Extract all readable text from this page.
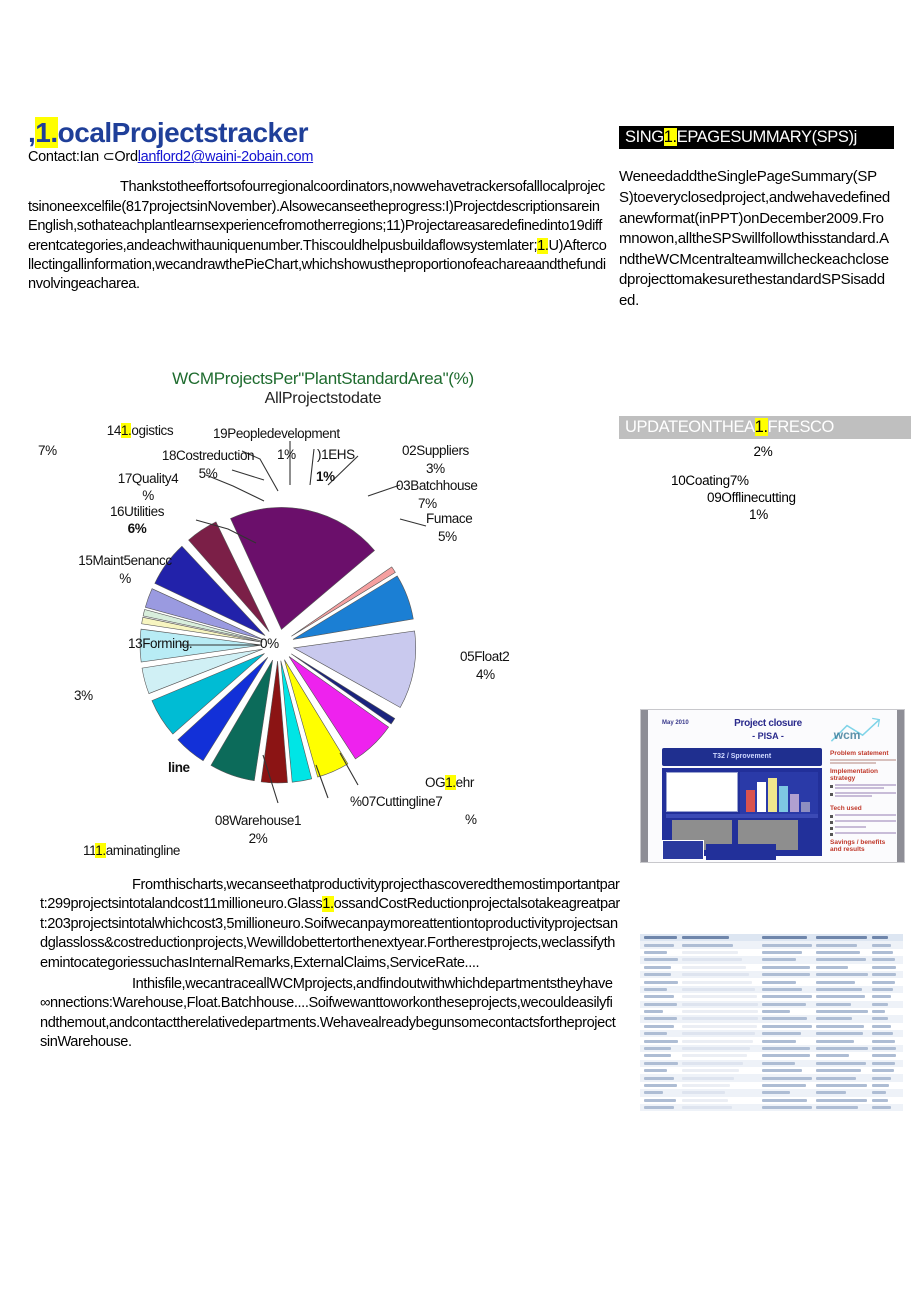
,1.ocalProjectstracker
Contact:Ian ⊂Ordlanflord2@waini-2obain.com
Thankstotheeffortsofourregionalcoordinators,nowwehavetrackersofalllocalprojectsinoneexcelfile(817projectsinNovember).Alsowecanseetheprogress:I)ProjectdescriptionsareinEnglish,sothateachplantlearnsexperiencefromotherregions;11)Projectareasaredefinedinto19differentcategories,andeachwithauniquenumber.Thiscouldhelpusbuildaflowsystemlater;1.U)Aftercollectingallinformation,wecandrawthePieChart,whichshowustheproportionofeachareaandthefundinvolvingeacharea.
WCMProjectsPer"PlantStandardArea"(%)
AllProjectstodate
141.ogistics
7%	18Costreduction
5%
17Quality4
%
16Utilities
6%
15Maint5enancc
%
13Forming.	0%
3%
line
111.aminatingline
08Warehouse1
2%
%07Cuttingline7
%
OG1.ehr
05Float2
4%
Fumace
5%
03Batchhouse
7%
02Suppliers
3%
)1EHS
1%
19Peopledevelopment
1%
Fromthischarts,wecanseethatproductivityprojecthascoveredthemostimportantpart:299projectsintotalandcost11millioneuro.Glass1.ossandCostReductionprojectalsotakeagreatpart:203projectsintotalwhichcost3,5millioneuro.Soifwecanpaymoreattentiontoproductivityprojectsandglassloss&costreductionprojects,Wewilldobettertorthenextyear.Fortherestprojects,weclassifythemintocategoriessuchasInternalRemarks,ExternalClaims,ServiceRate....
Inthisfile,wecantraceallWCMprojects,andfindoutwithwhichdepartmentstheyhave∞nnections:Warehouse,Float.Batchhouse....Soifwewanttoworkontheseprojects,wecouldeasilyfindthemout,andcontacttherelativedepartments.WehavealreadybegunsomecontactsfortheprojectsinWarehouse.
SING1.EPAGESUMMARY(SPS)j
WeneedaddtheSinglePageSummary(SPS)toeveryclosedproject,andwehavedefinedanewformat(inPPT)onDecember2009.Fromnowon,alltheSPSwillfollowthisstandard.AndtheWCMcentralteamwillcheckeachclosedprojecttomakesurethestandardSPSisadded.
UPDATEONTHEA1.FRESCO
2%
10Coating7%
09Offlinecutting
1%
May 2010	Project closure
- PISA -	wcm
T32 / Sprovement	Problem statement
Implementation strategy
Tech used
Savings / benefits and results
